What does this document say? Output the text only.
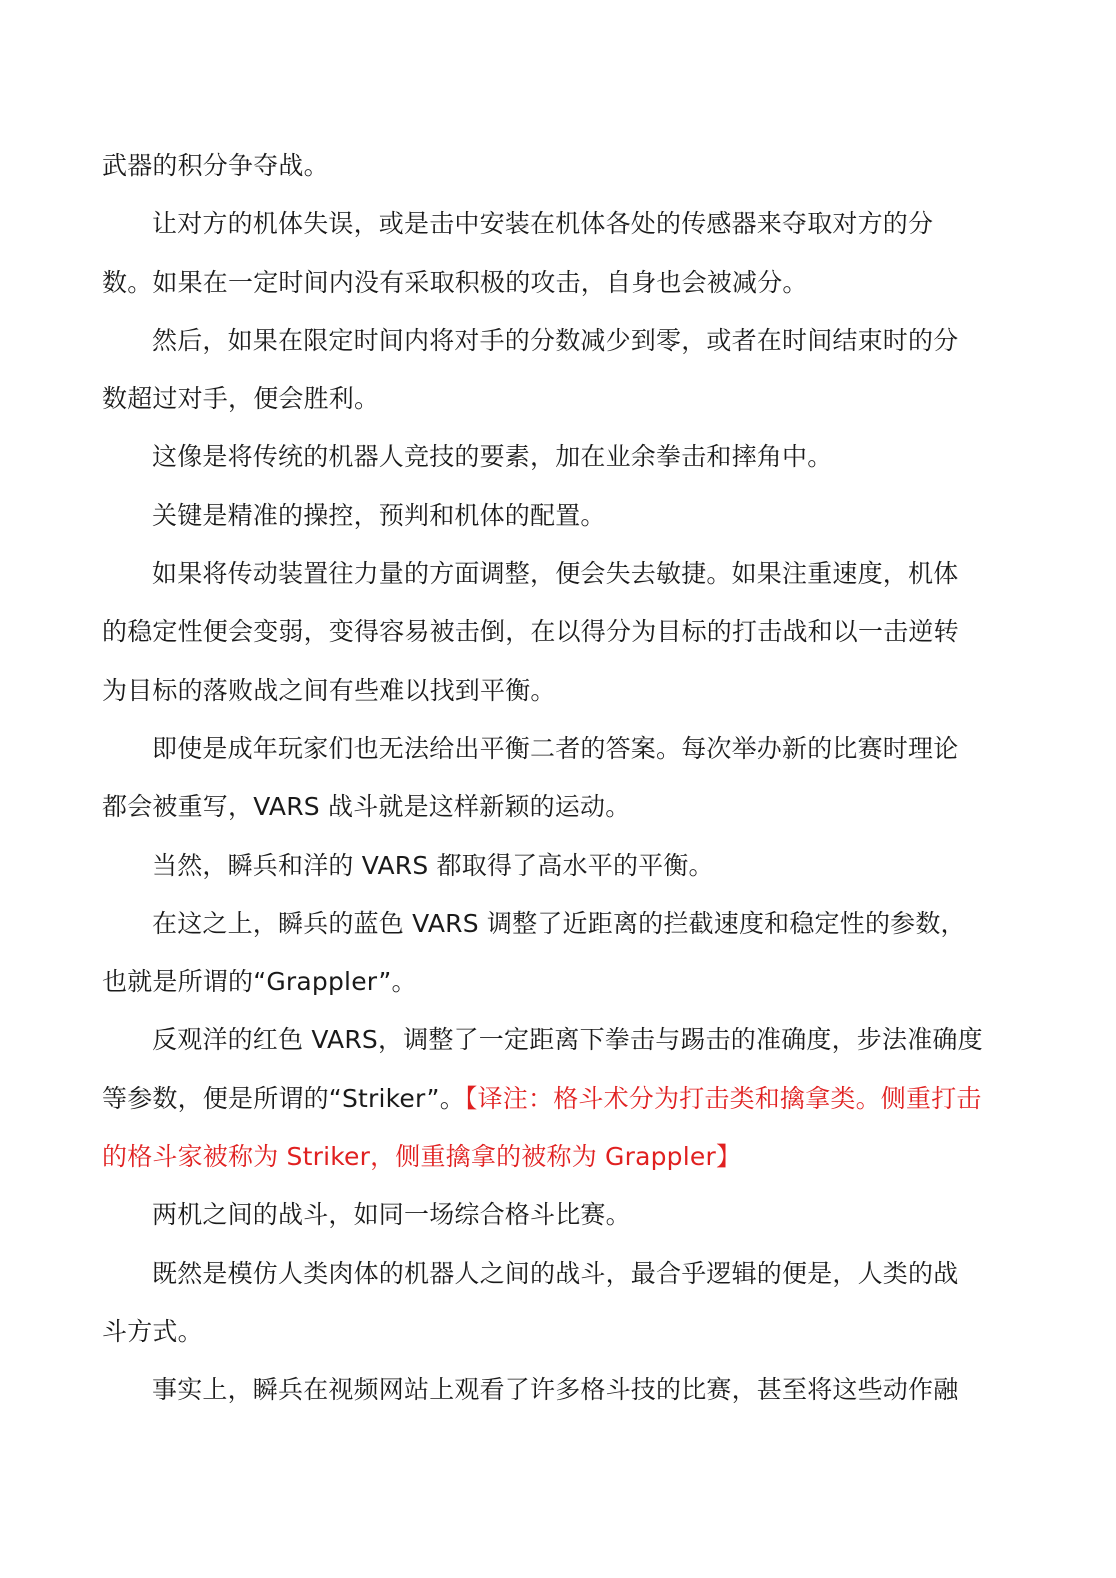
武器的积分争夺战。

让对方的机体失误，或是击中安装在机体各处的传感器来夺取对方的分
数。如果在一定时间内没有采取积极的攻击，自身也会被减分。

然后，如果在限定时间内将对手的分数减少到零，或者在时间结束时的分
数超过对手，便会胜利。

这像是将传统的机器人竞技的要素，加在业余拳击和摔角中。

关键是精准的操控，预判和机体的配置。

如果将传动装置往力量的方面调整，便会失去敏捷。如果注重速度，机体
的稳定性便会变弱，变得容易被击倒，在以得分为目标的打击战和以一击逆转
为目标的落败战之间有些难以找到平衡。

即使是成年玩家们也无法给出平衡二者的答案。每次举办新的比赛时理论
都会被重写，VARS 战斗就是这样新颖的运动。

当然，瞬兵和洋的 VARS 都取得了高水平的平衡。

在这之上，瞬兵的蓝色 VARS 调整了近距离的拦截速度和稳定性的参数，
也就是所谓的“Grappler”。

反观洋的红色 VARS，调整了一定距离下拳击与踢击的准确度，步法准确度
等参数，便是所谓的“Striker”。【译注：格斗术分为打击类和擒拿类。侧重打击
的格斗家被称为 Striker，侧重擒拿的被称为 Grappler】

两机之间的战斗，如同一场综合格斗比赛。

既然是模仿人类肉体的机器人之间的战斗，最合乎逻辑的便是，人类的战
斗方式。

事实上，瞬兵在视频网站上观看了许多格斗技的比赛，甚至将这些动作融
